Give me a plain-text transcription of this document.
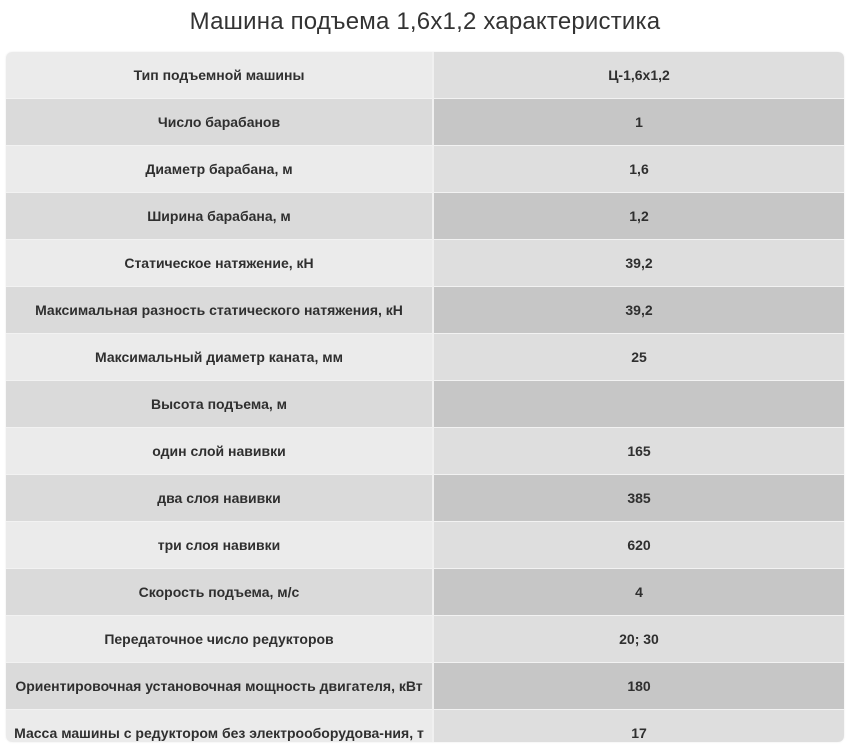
Машина подъема 1,6х1,2 характеристика
Тип подъемной машины	Ц-1,6х1,2
Число барабанов	1
Диаметр барабана, м	1,6
Ширина барабана, м	1,2
Статическое натяжение, кН	39,2
Максимальная разность статического натяжения, кН	39,2
Максимальный диаметр каната, мм	25
Высота подъема, м	
один слой навивки	165
два слоя навивки	385
три слоя навивки	620
Скорость подъема, м/с	4
Передаточное число редукторов	20; 30
Ориентировочная установочная мощность двигателя, кВт	180
Масса машины с редуктором без электрооборудова-ния, т	17
